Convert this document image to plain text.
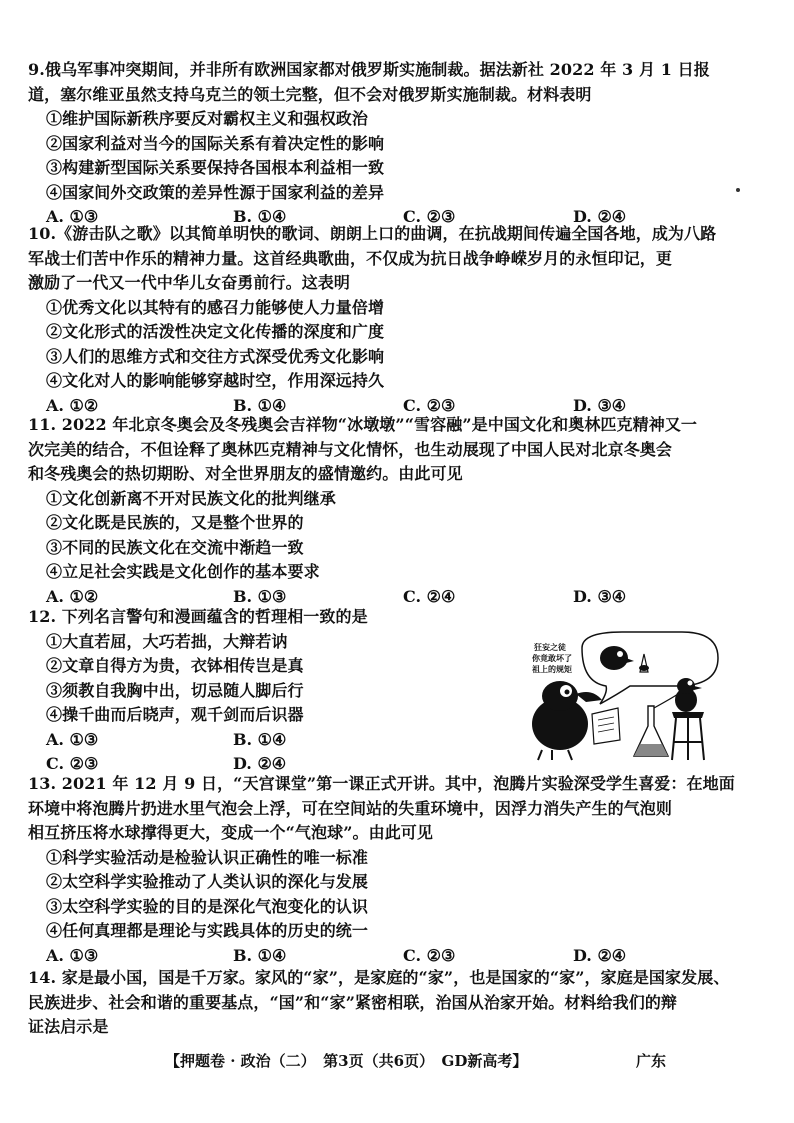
9.俄乌军事冲突期间，并非所有欧洲国家都对俄罗斯实施制裁。据法新社 2022 年 3 月 1 日报
道，塞尔维亚虽然支持乌克兰的领土完整，但不会对俄罗斯实施制裁。材料表明
①维护国际新秩序要反对霸权主义和强权政治
②国家利益对当今的国际关系有着决定性的影响
③构建新型国际关系要保持各国根本利益相一致
④国家间外交政策的差异性源于国家利益的差异
A. ①③	B. ①④	C. ②③	D. ②④
10.《游击队之歌》以其简单明快的歌词、朗朗上口的曲调，在抗战期间传遍全国各地，成为八路
军战士们苦中作乐的精神力量。这首经典歌曲，不仅成为抗日战争峥嵘岁月的永恒印记，更
激励了一代又一代中华儿女奋勇前行。这表明
①优秀文化以其特有的感召力能够使人力量倍增
②文化形式的活泼性决定文化传播的深度和广度
③人们的思维方式和交往方式深受优秀文化影响
④文化对人的影响能够穿越时空，作用深远持久
A. ①②	B. ①④	C. ②③	D. ③④
11. 2022 年北京冬奥会及冬残奥会吉祥物“冰墩墩”“雪容融”是中国文化和奥林匹克精神又一
次完美的结合，不但诠释了奥林匹克精神与文化情怀，也生动展现了中国人民对北京冬奥会
和冬残奥会的热切期盼、对全世界朋友的盛情邀约。由此可见
①文化创新离不开对民族文化的批判继承
②文化既是民族的，又是整个世界的
③不同的民族文化在交流中渐趋一致
④立足社会实践是文化创作的基本要求
A. ①②	B. ①③	C. ②④	D. ③④
12. 下列名言警句和漫画蕴含的哲理相一致的是
①大直若屈，大巧若拙，大辩若讷
②文章自得方为贵，衣钵相传岂是真
③须教自我胸中出，切忌随人脚后行
④操千曲而后晓声，观千剑而后识器
A. ①③	B. ①④
C. ②③	D. ②④
狂妄之徒
你竟敢坏了
祖上的规矩
13. 2021 年 12 月 9 日，“天宫课堂”第一课正式开讲。其中，泡腾片实验深受学生喜爱：在地面
环境中将泡腾片扔进水里气泡会上浮，可在空间站的失重环境中，因浮力消失产生的气泡则
相互挤压将水球撑得更大，变成一个“气泡球”。由此可见
①科学实验活动是检验认识正确性的唯一标准
②太空科学实验推动了人类认识的深化与发展
③太空科学实验的目的是深化气泡变化的认识
④任何真理都是理论与实践具体的历史的统一
A. ①③	B. ①④	C. ②③	D. ②④
14. 家是最小国，国是千万家。家风的“家”，是家庭的“家”，也是国家的“家”，家庭是国家发展、
民族进步、社会和谐的重要基点，“国”和“家”紧密相联，治国从治家开始。材料给我们的辩
证法启示是
【押题卷 · 政治（二）　第3页（共6页）　GD新高考】	广东
